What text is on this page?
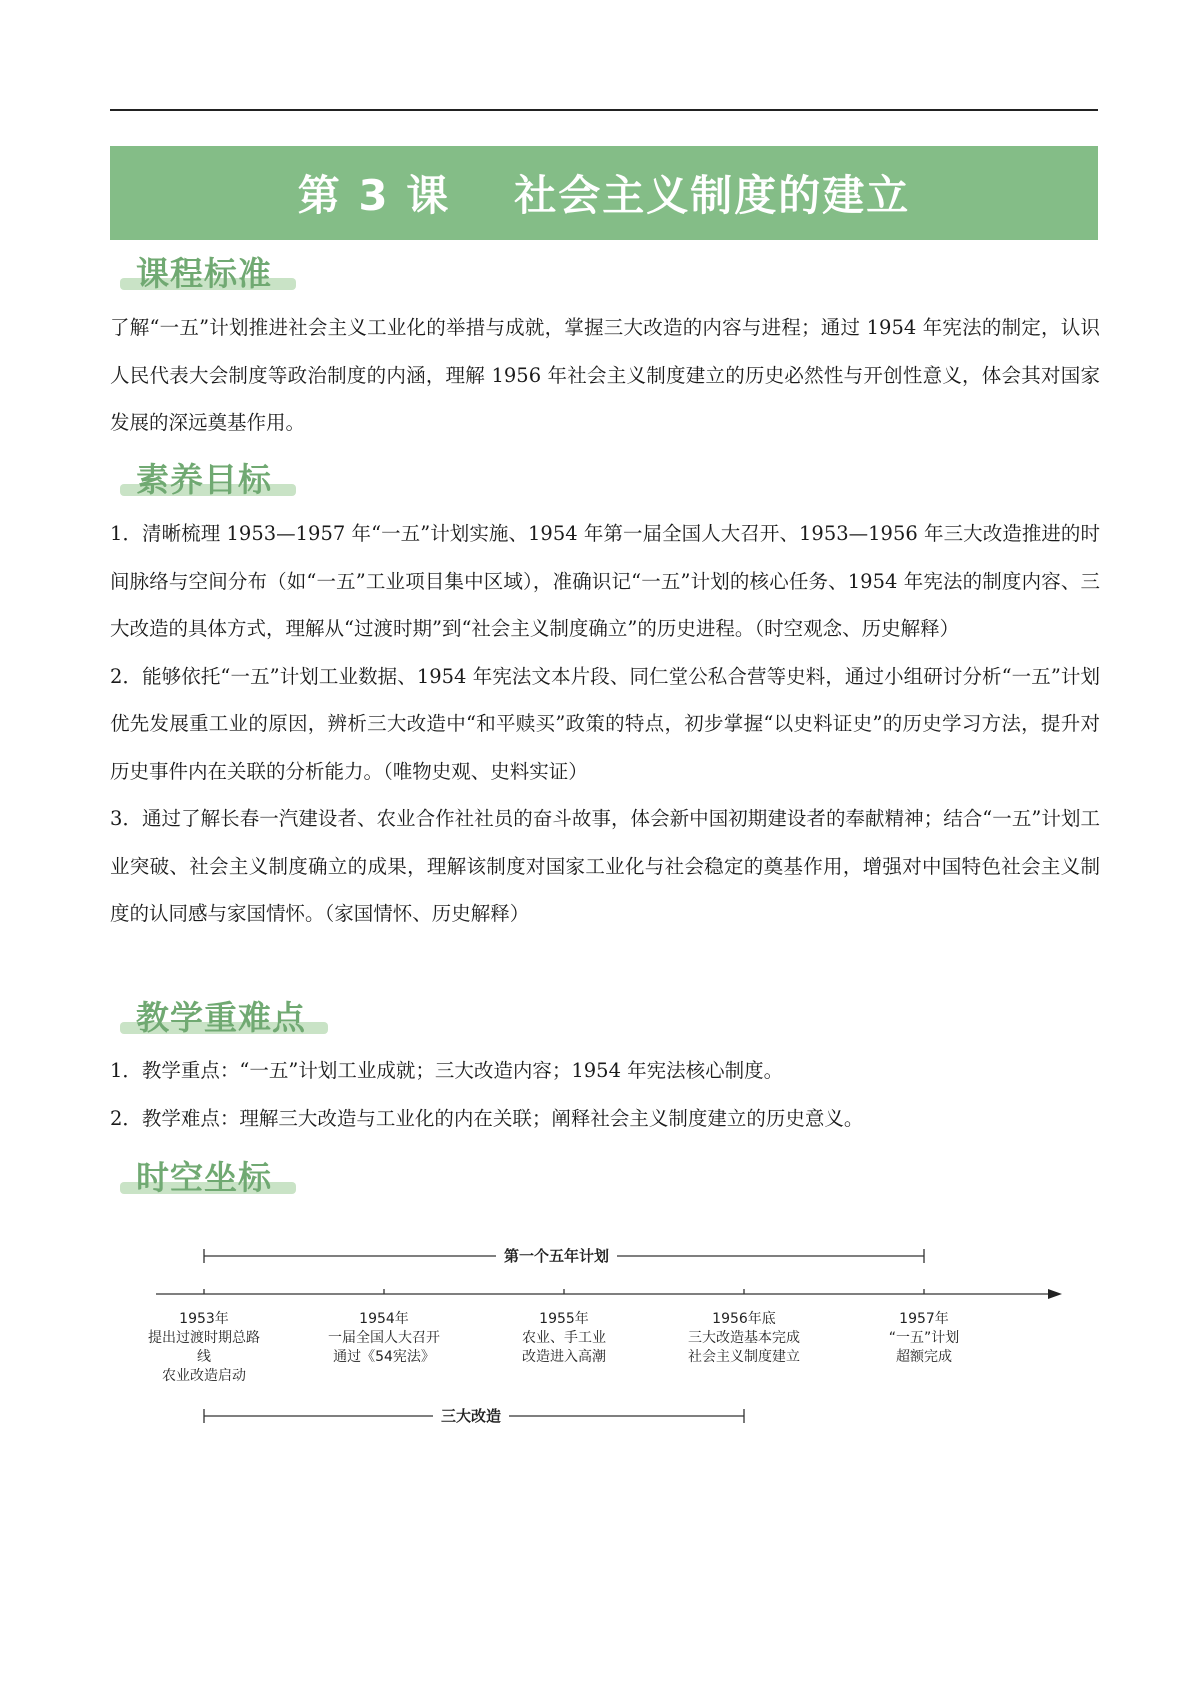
第 3 课 社会主义制度的建立
课程标准

了解“一五”计划推进社会主义工业化的举措与成就，掌握三大改造的内容与进程；通过 1954 年宪法的制定，认识人民代表大会制度等政治制度的内涵，理解 1956 年社会主义制度建立的历史必然性与开创性意义，体会其对国家发展的深远奠基作用。

素养目标

1．清晰梳理 1953—1957 年“一五”计划实施、1954 年第一届全国人大召开、1953—1956 年三大改造推进的时间脉络与空间分布（如“一五”工业项目集中区域），准确识记“一五”计划的核心任务、1954 年宪法的制度内容、三大改造的具体方式，理解从“过渡时期”到“社会主义制度确立”的历史进程。（时空观念、历史解释）

2．能够依托“一五”计划工业数据、1954 年宪法文本片段、同仁堂公私合营等史料，通过小组研讨分析“一五”计划优先发展重工业的原因，辨析三大改造中“和平赎买”政策的特点，初步掌握“以史料证史”的历史学习方法，提升对历史事件内在关联的分析能力。（唯物史观、史料实证）

3．通过了解长春一汽建设者、农业合作社社员的奋斗故事，体会新中国初期建设者的奉献精神；结合“一五”计划工业突破、社会主义制度确立的成果，理解该制度对国家工业化与社会稳定的奠基作用，增强对中国特色社会主义制度的认同感与家国情怀。（家国情怀、历史解释）

教学重难点

1．教学重点：“一五”计划工业成就；三大改造内容；1954 年宪法核心制度。

2．教学难点：理解三大改造与工业化的内在关联；阐释社会主义制度建立的历史意义。

时空坐标
第一个五年计划
三大改造
1953年
提出过渡时期总路
线
农业改造启动
1954年
一届全国人大召开
通过《54宪法》
1955年
农业、手工业
改造进入高潮
1956年底
三大改造基本完成
社会主义制度建立
1957年
“一五”计划
超额完成
